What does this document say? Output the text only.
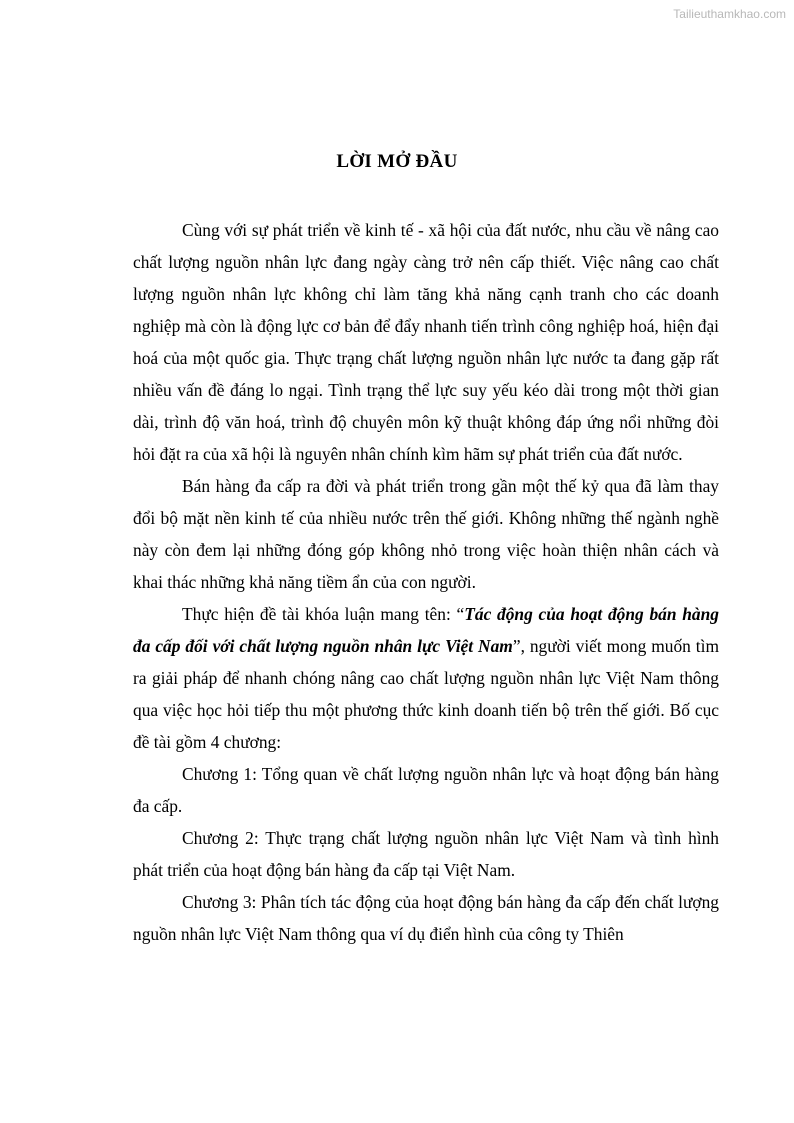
Tailieuthamkhao.com
LỜI MỞ ĐẦU

Cùng với sự phát triển về kinh tế - xã hội của đất nước, nhu cầu về nâng cao chất lượng nguồn nhân lực đang ngày càng trở nên cấp thiết. Việc nâng cao chất lượng nguồn nhân lực không chỉ làm tăng khả năng cạnh tranh cho các doanh nghiệp mà còn là động lực cơ bản để đẩy nhanh tiến trình công nghiệp hoá, hiện đại hoá của một quốc gia. Thực trạng chất lượng nguồn nhân lực nước ta đang gặp rất nhiều vấn đề đáng lo ngại. Tình trạng thể lực suy yếu kéo dài trong một thời gian dài, trình độ văn hoá, trình độ chuyên môn kỹ thuật không đáp ứng nổi những đòi hỏi đặt ra của xã hội là nguyên nhân chính kìm hãm sự phát triển của đất nước.

Bán hàng đa cấp ra đời và phát triển trong gần một thế kỷ qua đã làm thay đổi bộ mặt nền kinh tế của nhiều nước trên thế giới. Không những thế ngành nghề này còn đem lại những đóng góp không nhỏ trong việc hoàn thiện nhân cách và khai thác những khả năng tiềm ẩn của con người.

Thực hiện đề tài khóa luận mang tên: “Tác động của hoạt động bán hàng đa cấp đối với chất lượng nguồn nhân lực Việt Nam”, người viết mong muốn tìm ra giải pháp để nhanh chóng nâng cao chất lượng nguồn nhân lực Việt Nam thông qua việc học hỏi tiếp thu một phương thức kinh doanh tiến bộ trên thế giới. Bố cục đề tài gồm 4 chương:

Chương 1: Tổng quan về chất lượng nguồn nhân lực và hoạt động bán hàng đa cấp.

Chương 2: Thực trạng chất lượng nguồn nhân lực Việt Nam và tình hình phát triển của hoạt động bán hàng đa cấp tại Việt Nam.

Chương 3: Phân tích tác động của hoạt động bán hàng đa cấp đến chất lượng nguồn nhân lực Việt Nam thông qua ví dụ điển hình của công ty Thiên
